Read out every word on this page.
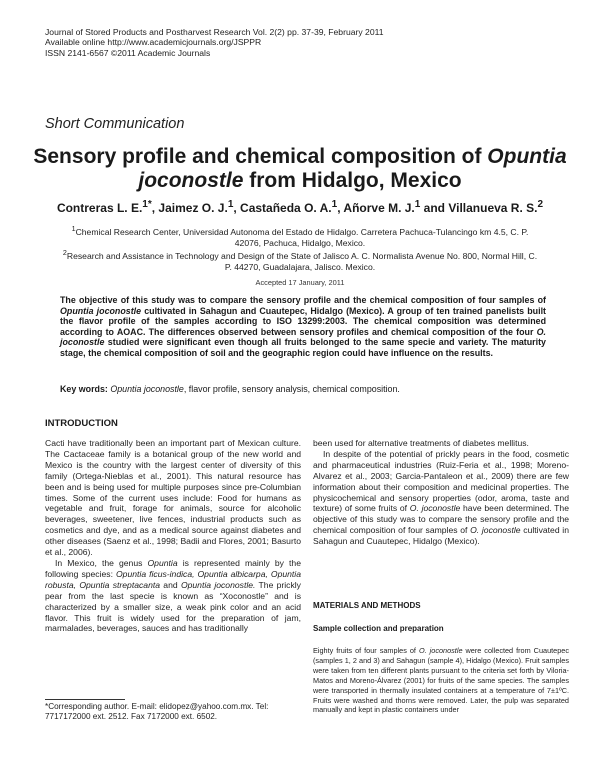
Journal of Stored Products and Postharvest Research Vol. 2(2) pp. 37-39, February 2011
Available online http://www.academicjournals.org/JSPPR
ISSN 2141-6567 ©2011 Academic Journals
Short Communication
Sensory profile and chemical composition of Opuntia joconostle from Hidalgo, Mexico
Contreras L. E.$^{1*}$, Jaimez O. J.$^1$, Castañeda O. A.$^1$, Añorve M. J.$^1$ and Villanueva R. S.$^2$
$^1$Chemical Research Center, Universidad Autonoma del Estado de Hidalgo. Carretera Pachuca-Tulancingo km 4.5, C. P. 42076, Pachuca, Hidalgo, Mexico.
$^2$Research and Assistance in Technology and Design of the State of Jalisco A. C. Normalista Avenue No. 800, Normal Hill, C. P. 44270, Guadalajara, Jalisco. Mexico.
Accepted 17 January, 2011
The objective of this study was to compare the sensory profile and the chemical composition of four samples of Opuntia joconostle cultivated in Sahagun and Cuautepec, Hidalgo (Mexico). A group of ten trained panelists built the flavor profile of the samples according to ISO 13299:2003. The chemical composition was determined according to AOAC. The differences observed between sensory profiles and chemical composition of the four O. joconostle studied were significant even though all fruits belonged to the same specie and variety. The maturity stage, the chemical composition of soil and the geographic region could have influence on the results.
Key words: Opuntia joconostle, flavor profile, sensory analysis, chemical composition.
INTRODUCTION

Cacti have traditionally been an important part of Mexican culture. The Cactaceae family is a botanical group of the new world and Mexico is the country with the largest center of diversity of this family (Ortega-Nieblas et al., 2001). This natural resource has been and is being used for multiple purposes since pre-Columbian times. Some of the current uses include: Food for humans as vegetable and fruit, forage for animals, source for alcoholic beverages, sweetener, live fences, industrial products such as cosmetics and dye, and as a medical source against diabetes and other diseases (Saenz et al., 1998; Badii and Flores, 2001; Basurto et al., 2006).

In Mexico, the genus Opuntia is represented mainly by the following species: Opuntia ficus-indica, Opuntia albicarpa, Opuntia robusta, Opuntia streptacanta and Opuntia joconostle. The prickly pear from the last specie is known as “Xoconostle” and is characterized by a smaller size, a weak pink color and an acid flavor. This fruit is widely used for the preparation of jam, marmalades, beverages, sauces and has traditionally

*Corresponding author. E-mail: elidopez@yahoo.com.mx. Tel: 7717172000 ext. 2512. Fax 7172000 ext. 6502.

been used for alternative treatments of diabetes mellitus.

In despite of the potential of prickly pears in the food, cosmetic and pharmaceutical industries (Ruiz-Feria et al., 1998; Moreno-Alvarez et al., 2003; Garcia-Pantaleon et al., 2009) there are few information about their composition and medicinal properties. The physicochemical and sensory properties (odor, aroma, taste and texture) of some fruits of O. joconostle have been determined. The objective of this study was to compare the sensory profile and the chemical composition of four samples of O. joconostle cultivated in Sahagun and Cuautepec, Hidalgo (Mexico).

MATERIALS AND METHODS
Sample collection and preparation
Eighty fruits of four samples of O. joconostle were collected from Cuautepec (samples 1, 2 and 3) and Sahagun (sample 4), Hidalgo (Mexico). Fruit samples were taken from ten different plants pursuant to the criteria set forth by Viloria-Matos and Moreno-Álvarez (2001) for fruits of the same species. The samples were transported in thermally insulated containers at a temperature of 7±1ºC. Fruits were washed and thorns were removed. Later, the pulp was separated manually and kept in plastic containers under
